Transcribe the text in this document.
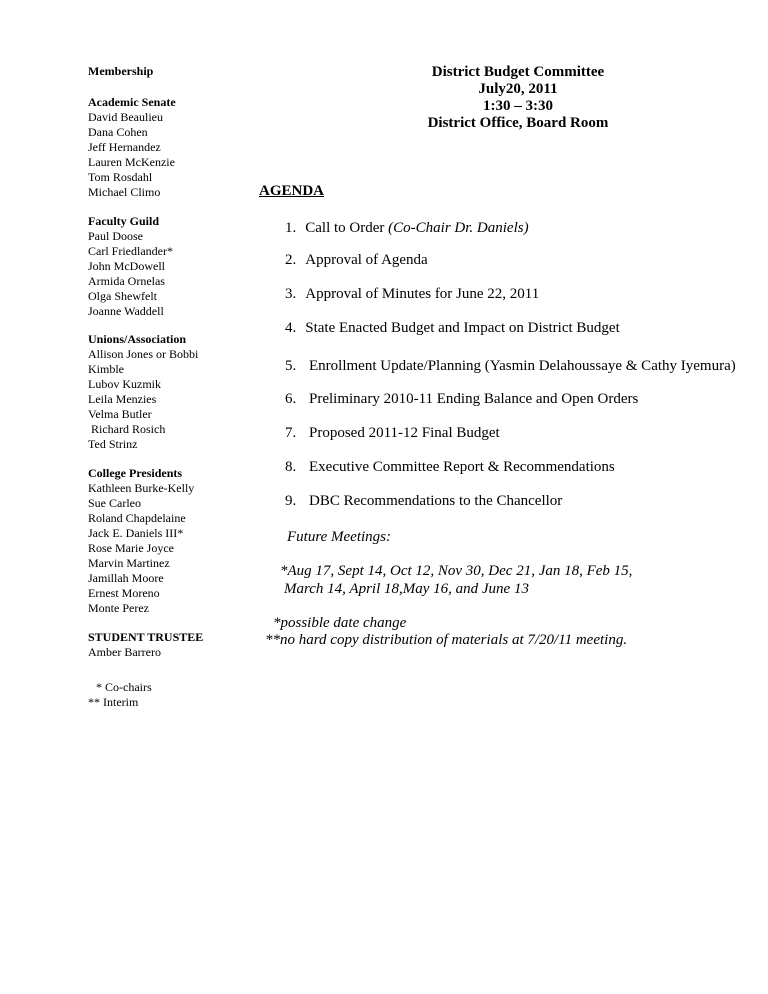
Membership
Academic Senate
David Beaulieu
Dana Cohen
Jeff Hernandez
Lauren McKenzie
Tom Rosdahl
Michael Climo
Faculty Guild
Paul Doose
Carl Friedlander*
John McDowell
Armida Ornelas
Olga Shewfelt
Joanne Waddell
Unions/Association
Allison Jones or Bobbi
Kimble
Lubov Kuzmik
Leila Menzies
Velma Butler
Richard Rosich
Ted Strinz
College Presidents
Kathleen Burke-Kelly
Sue Carleo
Roland Chapdelaine
Jack E. Daniels III*
Rose Marie Joyce
Marvin Martinez
Jamillah Moore
Ernest Moreno
Monte Perez
STUDENT TRUSTEE
Amber Barrero
* Co-chairs
** Interim
District Budget Committee
July20, 2011
1:30 – 3:30
District Office, Board Room
AGENDA
1. Call to Order (Co-Chair Dr. Daniels)
2. Approval of Agenda
3. Approval of Minutes for June 22, 2011
4. State Enacted Budget and Impact on District Budget
5. Enrollment Update/Planning (Yasmin Delahoussaye & Cathy Iyemura)
6. Preliminary 2010-11 Ending Balance and Open Orders
7. Proposed 2011-12 Final Budget
8. Executive Committee Report & Recommendations
9. DBC Recommendations to the Chancellor
Future Meetings:
*Aug 17, Sept 14, Oct 12, Nov 30, Dec 21, Jan 18, Feb 15,
March 14, April 18,May 16, and June 13
*possible date change
**no hard copy distribution of materials at 7/20/11 meeting.
